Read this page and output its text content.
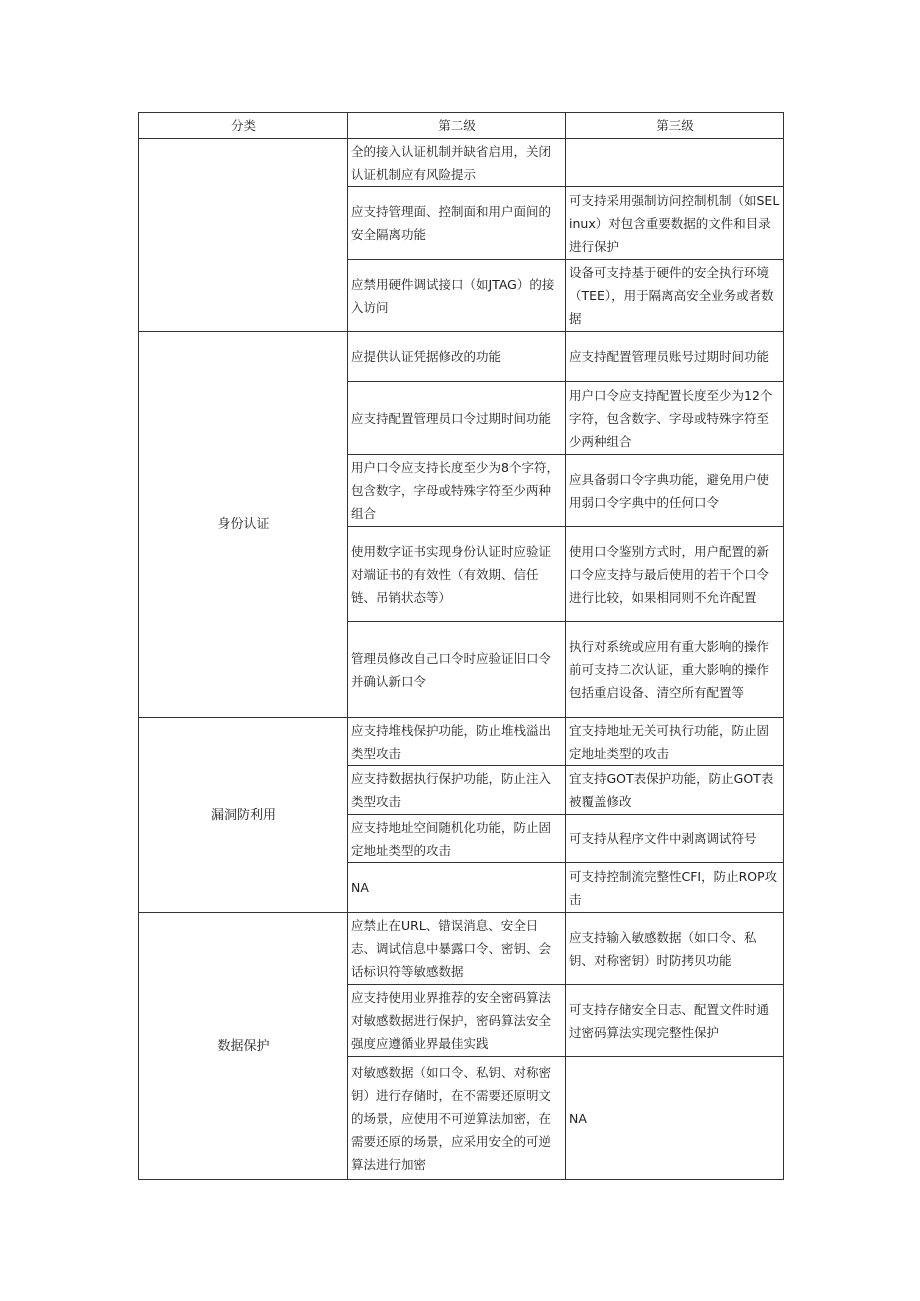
分类	第二级	第三级
	全的接入认证机制并缺省启用，关闭认证机制应有风险提示	
	应支持管理面、控制面和用户面间的安全隔离功能	可支持采用强制访问控制机制（如SELinux）对包含重要数据的文件和目录进行保护
	应禁用硬件调试接口（如JTAG）的接入访问	设备可支持基于硬件的安全执行环境（TEE），用于隔离高安全业务或者数据
身份认证	应提供认证凭据修改的功能	应支持配置管理员账号过期时间功能
	应支持配置管理员口令过期时间功能	用户口令应支持配置长度至少为12个字符，包含数字、字母或特殊字符至少两种组合
	用户口令应支持长度至少为8个字符，包含数字，字母或特殊字符至少两种组合	应具备弱口令字典功能，避免用户使用弱口令字典中的任何口令
	使用数字证书实现身份认证时应验证对端证书的有效性（有效期、信任链、吊销状态等）	使用口令鉴别方式时，用户配置的新口令应支持与最后使用的若干个口令进行比较，如果相同则不允许配置
	管理员修改自己口令时应验证旧口令并确认新口令	执行对系统或应用有重大影响的操作前可支持二次认证，重大影响的操作包括重启设备、清空所有配置等
漏洞防利用	应支持堆栈保护功能，防止堆栈溢出类型攻击	宜支持地址无关可执行功能，防止固定地址类型的攻击
	应支持数据执行保护功能，防止注入类型攻击	宜支持GOT表保护功能，防止GOT表被覆盖修改
	应支持地址空间随机化功能，防止固定地址类型的攻击	可支持从程序文件中剥离调试符号
	NA	可支持控制流完整性CFI，防止ROP攻击
数据保护	应禁止在URL、错误消息、安全日志、调试信息中暴露口令、密钥、会话标识符等敏感数据	应支持输入敏感数据（如口令、私钥、对称密钥）时防拷贝功能
	应支持使用业界推荐的安全密码算法对敏感数据进行保护，密码算法安全强度应遵循业界最佳实践	可支持存储安全日志、配置文件时通过密码算法实现完整性保护
	对敏感数据（如口令、私钥、对称密钥）进行存储时，在不需要还原明文的场景，应使用不可逆算法加密，在需要还原的场景，应采用安全的可逆算法进行加密	NA
